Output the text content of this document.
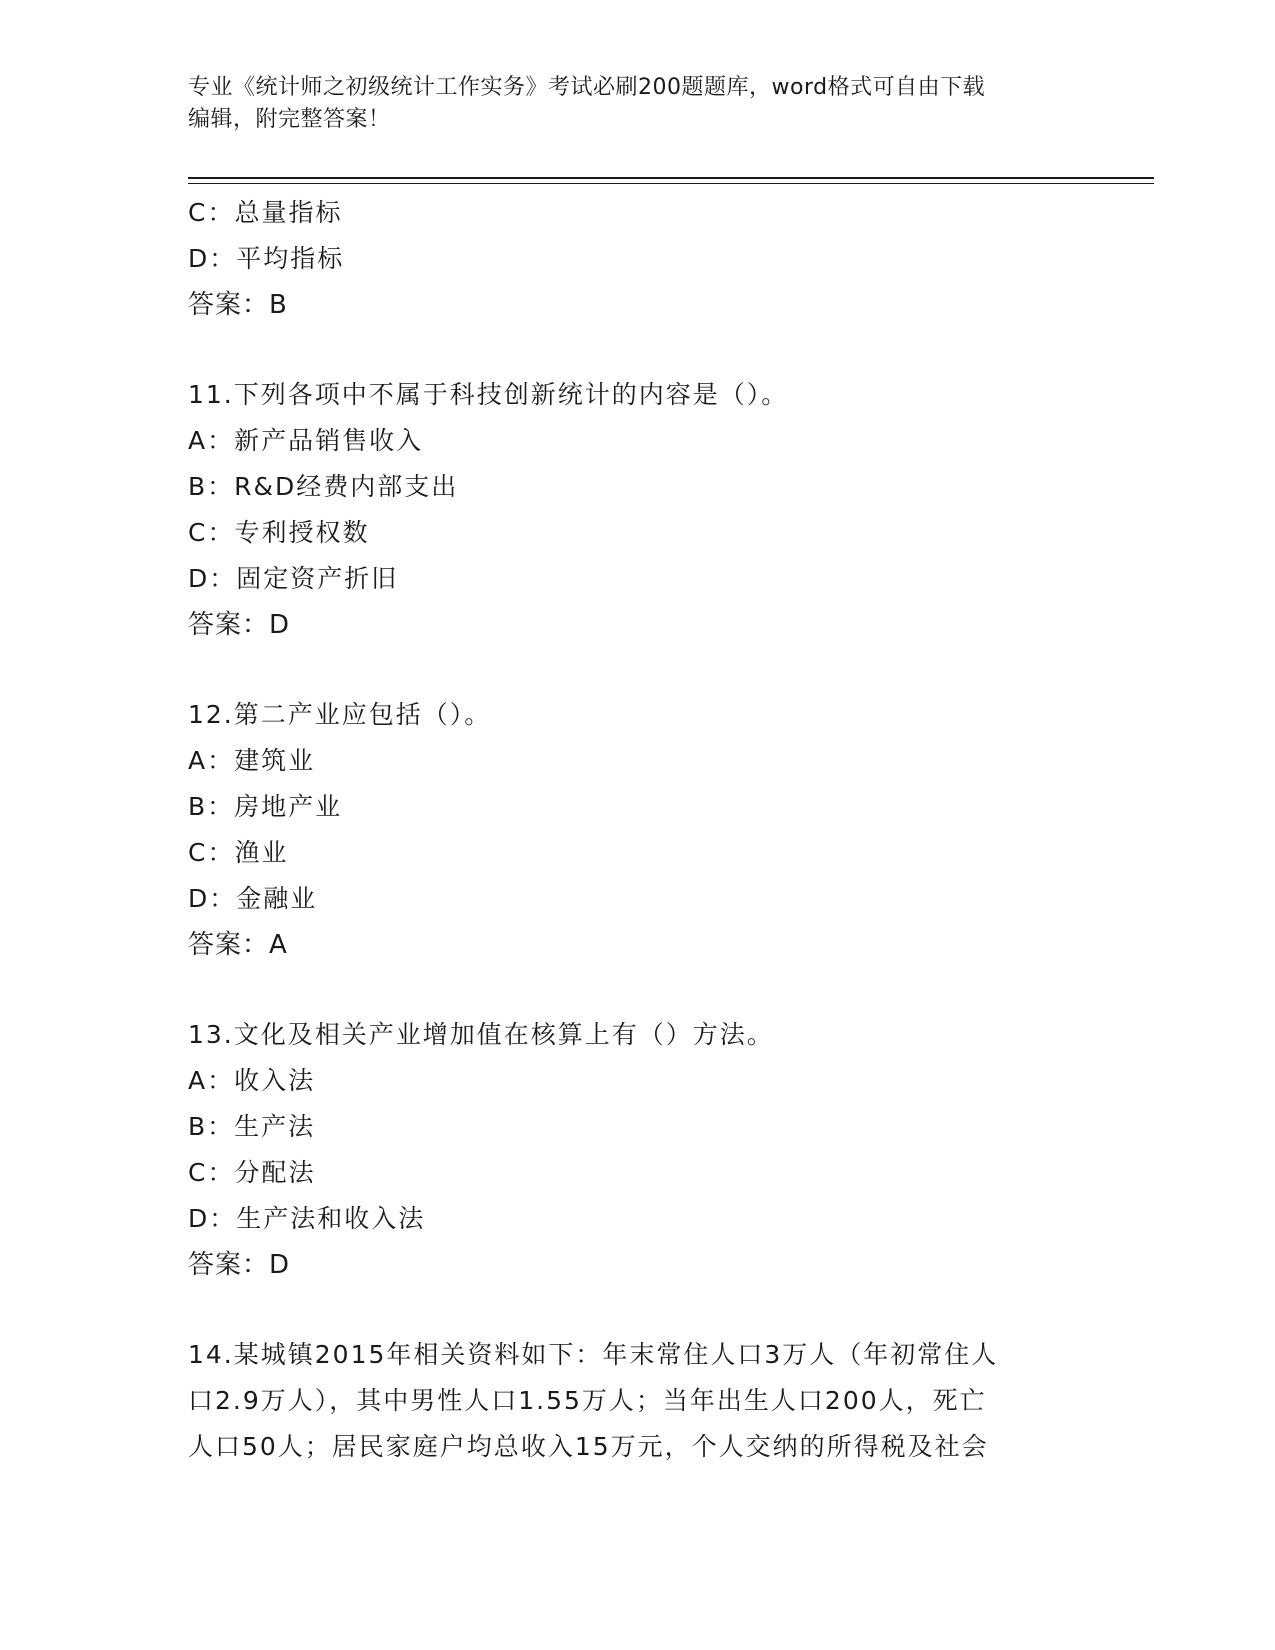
专业《统计师之初级统计工作实务》考试必刷200题题库，word格式可自由下载
编辑，附完整答案！
C：总量指标
D：平均指标
答案：B
11.下列各项中不属于科技创新统计的内容是（）。
A：新产品销售收入
B：R&D经费内部支出
C：专利授权数
D：固定资产折旧
答案：D
12.第二产业应包括（）。
A：建筑业
B：房地产业
C：渔业
D：金融业
答案：A
13.文化及相关产业增加值在核算上有（）方法。
A：收入法
B：生产法
C：分配法
D：生产法和收入法
答案：D
14.某城镇2015年相关资料如下：年末常住人口3万人（年初常住人
口2.9万人），其中男性人口1.55万人；当年出生人口200人，死亡
人口50人；居民家庭户均总收入15万元，个人交纳的所得税及社会
